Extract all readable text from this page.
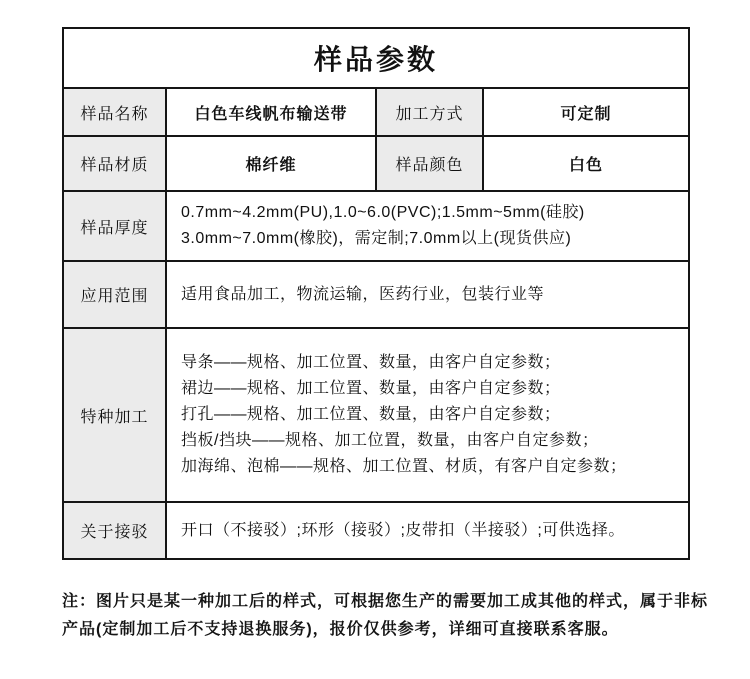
样品参数			
样品名称	白色车线帆布输送带	加工方式	可定制
样品材质	棉纤维	样品颜色	白色
样品厚度	0.7mm~4.2mm(PU),1.0~6.0(PVC);1.5mm~5mm(硅胶)
3.0mm~7.0mm(橡胶)，需定制;7.0mm以上(现货供应)		

应用范围	适用食品加工，物流运输，医药行业，包装行业等		
特种加工	导条——规格、加工位置、数量，由客户自定参数；
裙边——规格、加工位置、数量，由客户自定参数；
打孔——规格、加工位置、数量，由客户自定参数；
挡板/挡块——规格、加工位置，数量，由客户自定参数；
加海绵、泡棉——规格、加工位置、材质，有客户自定参数；		

关于接驳	开口（不接驳）;环形（接驳）;皮带扣（半接驳）;可供选择。		
注：图片只是某一种加工后的样式，可根据您生产的需要加工成其他的样式，属于非标
产品(定制加工后不支持退换服务)，报价仅供参考，详细可直接联系客服。
